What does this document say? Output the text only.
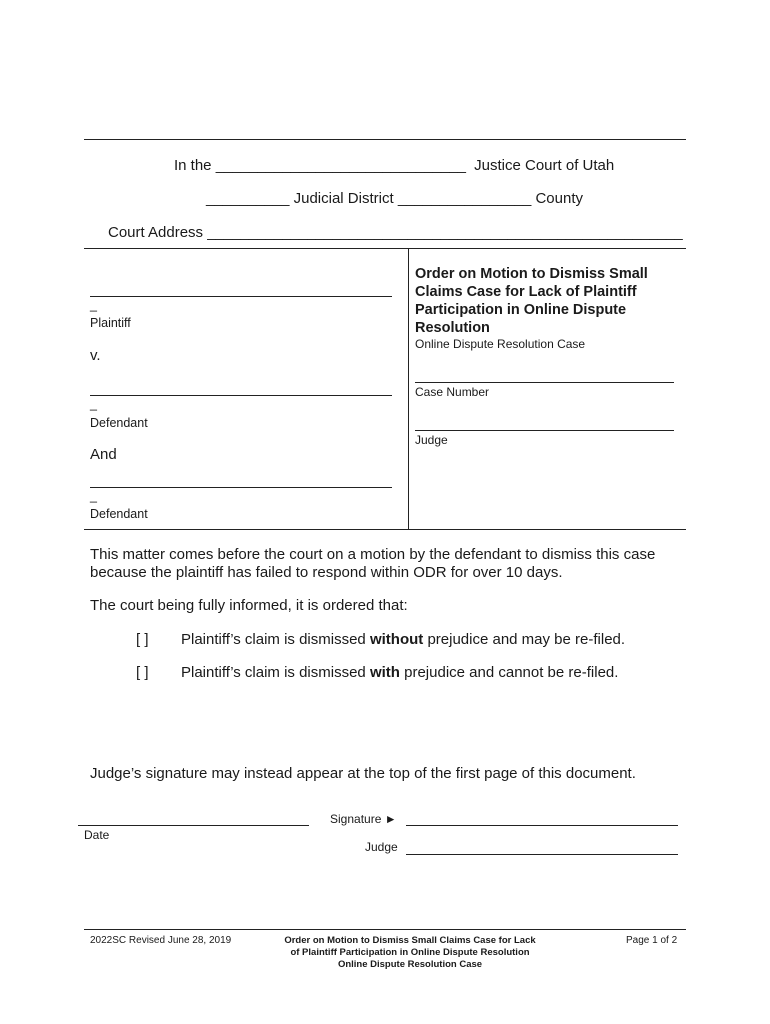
In the ______________________________ Justice Court of Utah
__________ Judicial District ________________ County
Court Address _________________________________________________________
_
Plaintiff
v.
_
Defendant
And
_
Defendant
Order on Motion to Dismiss Small Claims Case for Lack of Plaintiff Participation in Online Dispute Resolution
Online Dispute Resolution Case
Case Number
Judge
This matter comes before the court on a motion by the defendant to dismiss this case because the plaintiff has failed to respond within ODR for over 10 days.
The court being fully informed, it is ordered that:
[ ] Plaintiff’s claim is dismissed without prejudice and may be re-filed.
[ ] Plaintiff’s claim is dismissed with prejudice and cannot be re-filed.
Judge’s signature may instead appear at the top of the first page of this document.
Date
Signature ►
Judge
2022SC Revised June 28, 2019	Order on Motion to Dismiss Small Claims Case for Lack
of Plaintiff Participation in Online Dispute Resolution
Online Dispute Resolution Case
Page 1 of 2
